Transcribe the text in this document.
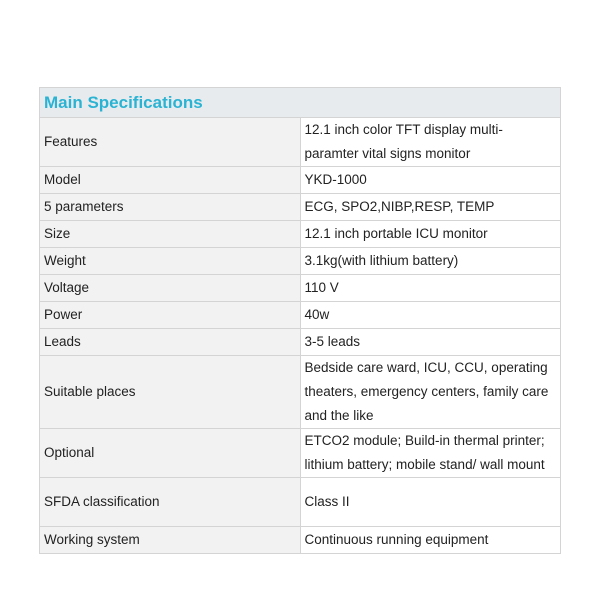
Main Specifications	
Features	12.1 inch color TFT display multi-paramter vital signs monitor
Model	YKD-1000
5 parameters	ECG, SPO2,NIBP,RESP, TEMP
Size	12.1 inch portable ICU monitor
Weight	3.1kg(with lithium battery)
Voltage	110 V
Power	40w
Leads	3-5 leads
Suitable places	Bedside care ward, ICU, CCU, operating theaters, emergency centers, family care and the like
Optional	ETCO2 module; Build-in thermal printer; lithium battery; mobile stand/ wall mount
SFDA classification	Class II
Working system	Continuous running equipment
